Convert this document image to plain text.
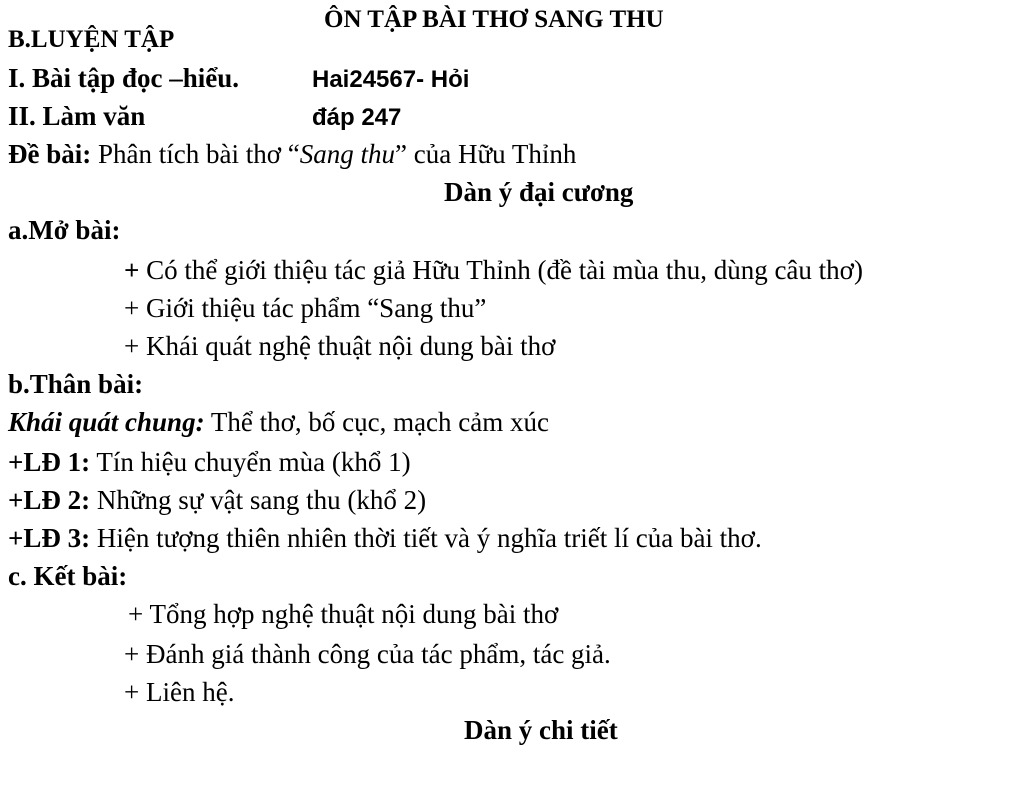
ÔN TẬP BÀI THƠ SANG THU
B.LUYỆN TẬP
I. Bài tập đọc –hiểu.	Hai24567- Hỏi
II. Làm văn	đáp 247
Đề bài: Phân tích bài thơ “Sang thu” của Hữu Thỉnh
Dàn ý đại cương
a.Mở bài:
+ Có thể giới thiệu tác giả Hữu Thỉnh (đề tài mùa thu, dùng câu thơ)
+ Giới thiệu tác phẩm “Sang thu”
+ Khái quát nghệ thuật nội dung bài thơ
b.Thân bài:
Khái quát chung: Thể thơ, bố cục, mạch cảm xúc
+LĐ 1: Tín hiệu chuyển mùa (khổ 1)
+LĐ 2: Những sự vật sang thu (khổ 2)
+LĐ 3: Hiện tượng thiên nhiên thời tiết và ý nghĩa triết lí của bài thơ.
c. Kết bài:
+ Tổng hợp nghệ thuật nội dung bài thơ
+ Đánh giá thành công của tác phẩm, tác giả.
+ Liên hệ.
Dàn ý chi tiết
